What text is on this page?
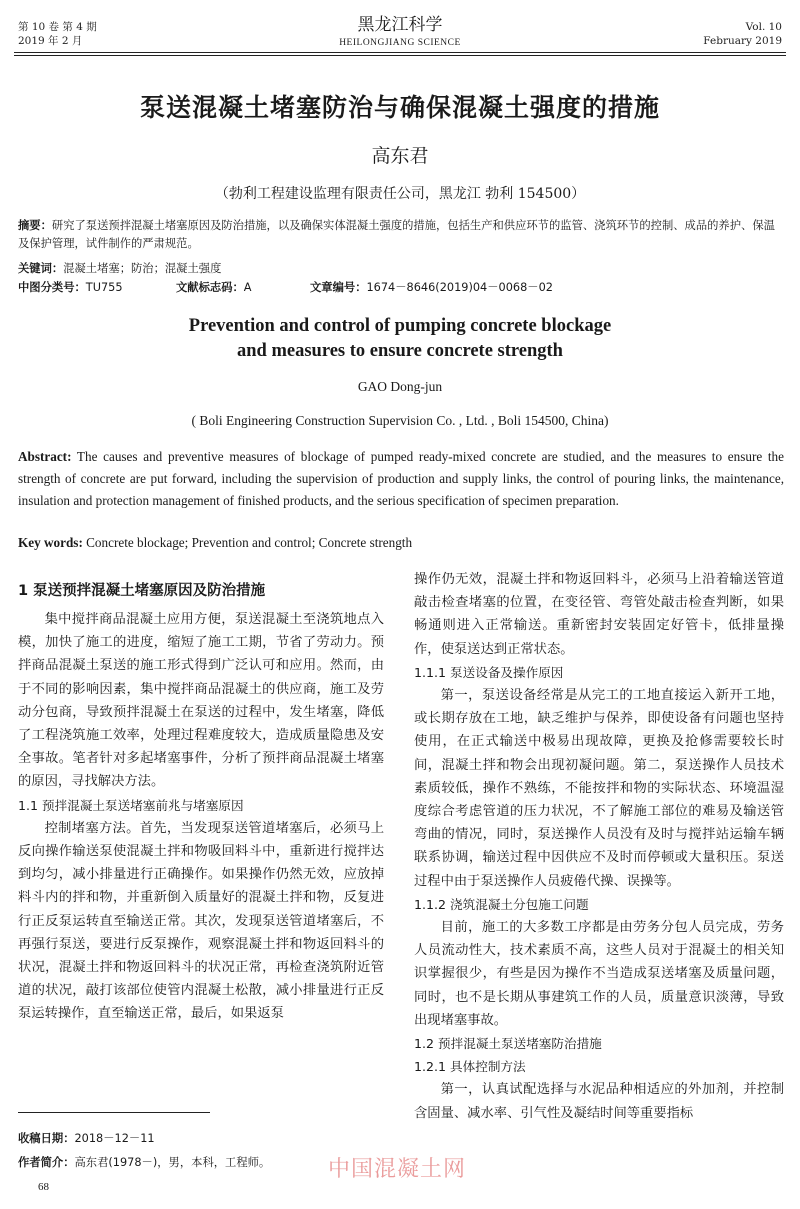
第 10 卷 第 4 期
2019 年 2 月
黑龙江科学
HEILONGJIANG SCIENCE
Vol. 10
February 2019
泵送混凝土堵塞防治与确保混凝土强度的措施
高东君
（勃利工程建设监理有限责任公司，黑龙江 勃利 154500）
摘要：研究了泵送预拌混凝土堵塞原因及防治措施，以及确保实体混凝土强度的措施，包括生产和供应环节的监管、浇筑环节的控制、成品的养护、保温及保护管理，试件制作的严肃规范。
关键词：混凝土堵塞；防治；混凝土强度
中图分类号：TU755	文献标志码：A	文章编号：1674－8646(2019)04－0068－02
Prevention and control of pumping concrete blockage
and measures to ensure concrete strength
GAO Dong-jun
( Boli Engineering Construction Supervision Co. , Ltd. , Boli 154500, China)
Abstract: The causes and preventive measures of blockage of pumped ready-mixed concrete are studied, and the measures to ensure the strength of concrete are put forward, including the supervision of production and supply links, the control of pouring links, the maintenance, insulation and protection management of finished products, and the serious specification of specimen preparation.
Key words: Concrete blockage; Prevention and control; Concrete strength
1 泵送预拌混凝土堵塞原因及防治措施

集中搅拌商品混凝土应用方便，泵送混凝土至浇筑地点入模，加快了施工的进度，缩短了施工工期，节省了劳动力。预拌商品混凝土泵送的施工形式得到广泛认可和应用。然而，由于不同的影响因素，集中搅拌商品混凝土的供应商，施工及劳动分包商，导致预拌混凝土在泵送的过程中，发生堵塞，降低了工程浇筑施工效率，处理过程难度较大，造成质量隐患及安全事故。笔者针对多起堵塞事件，分析了预拌商品混凝土堵塞的原因，寻找解决方法。

1.1 预拌混凝土泵送堵塞前兆与堵塞原因

控制堵塞方法。首先，当发现泵送管道堵塞后，必须马上反向操作输送泵使混凝土拌和物吸回料斗中，重新进行搅拌达到均匀，减小排量进行正确操作。如果操作仍然无效，应放掉料斗内的拌和物，并重新倒入质量好的混凝土拌和物，反复进行正反泵运转直至输送正常。其次，发现泵送管道堵塞后，不再强行泵送，要进行反泵操作，观察混凝土拌和物返回料斗的状况，混凝土拌和物返回料斗的状况正常，再检查浇筑附近管道的状况，敲打该部位使管内混凝土松散，减小排量进行正反泵运转操作，直至输送正常，最后，如果返泵

操作仍无效，混凝土拌和物返回料斗，必须马上沿着输送管道敲击检查堵塞的位置，在变径管、弯管处敲击检查判断，如果畅通则进入正常输送。重新密封安装固定好管卡，低排量操作，使泵送达到正常状态。

1.1.1 泵送设备及操作原因

第一，泵送设备经常是从完工的工地直接运入新开工地，或长期存放在工地，缺乏维护与保养，即使设备有问题也坚持使用，在正式输送中极易出现故障，更换及抢修需要较长时间，混凝土拌和物会出现初凝问题。第二，泵送操作人员技术素质较低，操作不熟练，不能按拌和物的实际状态、环境温湿度综合考虑管道的压力状况，不了解施工部位的难易及输送管弯曲的情况，同时，泵送操作人员没有及时与搅拌站运输车辆联系协调，输送过程中因供应不及时而停顿或大量积压。泵送过程中由于泵送操作人员疲倦代操、误操等。

1.1.2 浇筑混凝土分包施工问题

目前，施工的大多数工序都是由劳务分包人员完成，劳务人员流动性大，技术素质不高，这些人员对于混凝土的相关知识掌握很少，有些是因为操作不当造成泵送堵塞及质量问题，同时，也不是长期从事建筑工作的人员，质量意识淡薄，导致出现堵塞事故。

1.2 预拌混凝土泵送堵塞防治措施
1.2.1 具体控制方法

第一，认真试配选择与水泥品种相适应的外加剂，并控制含固量、减水率、引气性及凝结时间等重要指标

收稿日期：2018－12－11
作者简介：高东君(1978－)，男，本科，工程师。
68
中国混凝土网
